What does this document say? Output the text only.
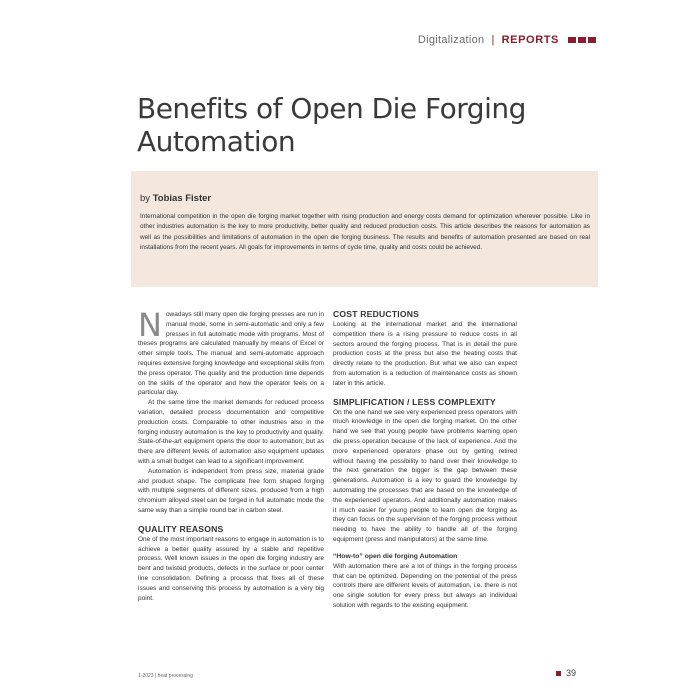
Digitalization | REPORTS
Benefits of Open Die Forging Automation
by Tobias Fister

International competition in the open die forging market together with rising production and energy costs demand for optimization wherever possible. Like in other industries automation is the key to more productivity, better quality and reduced production costs. This article describes the reasons for automation as well as the possibilities and limitations of automation in the open die forging business. The results and benefits of automation presented are based on real installations from the recent years. All goals for improvements in terms of cycle time, quality and costs could be achieved.

N owadays still many open die forging presses are run in manual mode, some in semi-automatic and only a few presses in full automatic mode with programs. Most of theses programs are calculated manually by means of Excel or other simple tools. The manual and semi-automatic approach requires extensive forging knowledge and exceptional skills from the press operator. The quality and the production time depends on the skills of the operator and how the operator feels on a particular day.

At the same time the market demands for reduced process variation, detailed process documentation and competitive production costs. Comparable to other industries also in the forging industry automation is the key to productivity and quality. State-of-the-art equipment opens the door to automation; but as there are different levels of automation also equipment updates with a small budget can lead to a significant improvement.

Automation is independent from press size, material grade and product shape. The complicate free form shaped forging with multiple segments of different sizes, produced from a high chromium alloyed steel can be forged in full automatic mode the same way than a simple round bar in carbon steel.

QUALITY REASONS

One of the most important reasons to engage in automation is to achieve a better quality assured by a stable and repetitive process. Well known issues in the open die forging industry are bent and twisted products, defects in the surface or poor center line consolidation. Defining a process that fixes all of these issues and conserving this process by automation is a very big point.

COST REDUCTIONS

Looking at the international market and the international competition there is a rising pressure to reduce costs in all sectors around the forging process. That is in detail the pure production costs at the press but also the heating costs that directly relate to the production. But what we also can expect from automation is a reduction of maintenance costs as shown later in this article.

SIMPLIFICATION / LESS COMPLEXITY

On the one hand we see very experienced press operators with much knowledge in the open die forging market. On the other hand we see that young people have problems learning open die press operation because of the lack of experience. And the more experienced operators phase out by getting retired without having the possibility to hand over their knowledge to the next generation the bigger is the gap between these generations. Automation is a key to guard the knowledge by automating the processes that are based on the knowledge of the experienced operators. And additionally automation makes it much easier for young people to learn open die forging as they can focus on the supervision of the forging process without needing to have the ability to handle all of the forging equipment (press and manipulators) at the same time.

“How-to” open die forging Automation

With automation there are a lot of things in the forging process that can be optimized. Depending on the potential of the press controls there are different levels of automation, i.e. there is not one single solution for every press but always an individual solution with regards to the existing equipment.

1-2023 | heat processing	39
